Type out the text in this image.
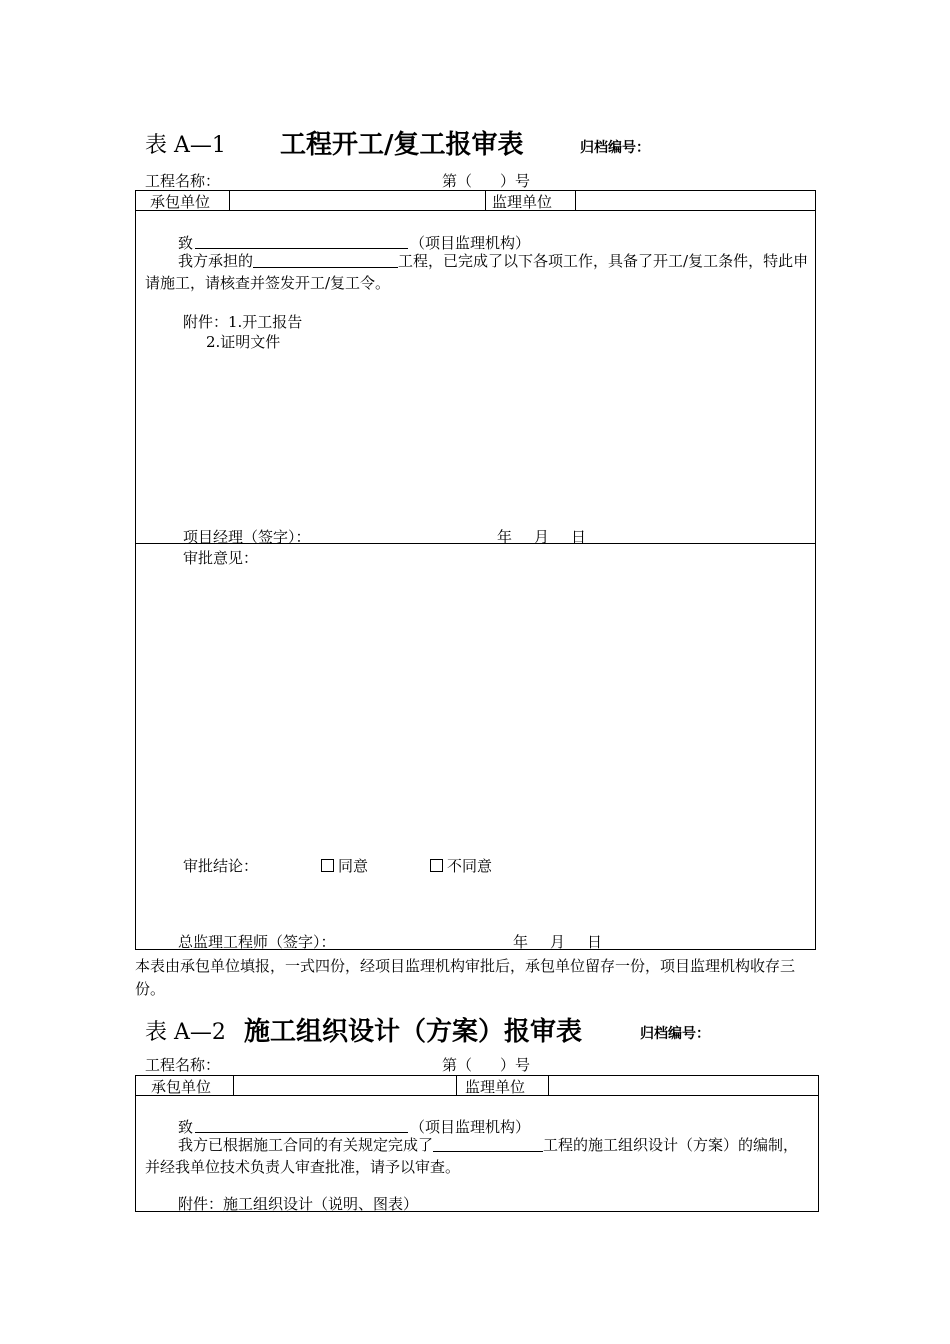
表 A—1 工程开工/复工报审表	归档编号：
工程名称：	第（ ）号
承包单位	监理单位
致	（项目监理机构）
我方承担的	工程，已完成了以下各项工作，具备了开工/复工条件，特此申请施工，请核查并签发开工/复工令。
附件：1.开工报告
2.证明文件
项目经理（签字）：	年 月 日
审批意见：
审批结论：	同意	不同意
总监理工程师（签字）：	年 月 日
本表由承包单位填报，一式四份，经项目监理机构审批后，承包单位留存一份，项目监理机构收存三份。
表 A—2 施工组织设计（方案）报审表	归档编号：
工程名称：	第（ ）号
承包单位	监理单位
致	（项目监理机构）
我方已根据施工合同的有关规定完成了	工程的施工组织设计（方案）的编制，并经我单位技术负责人审查批准，请予以审查。
附件：施工组织设计（说明、图表）
